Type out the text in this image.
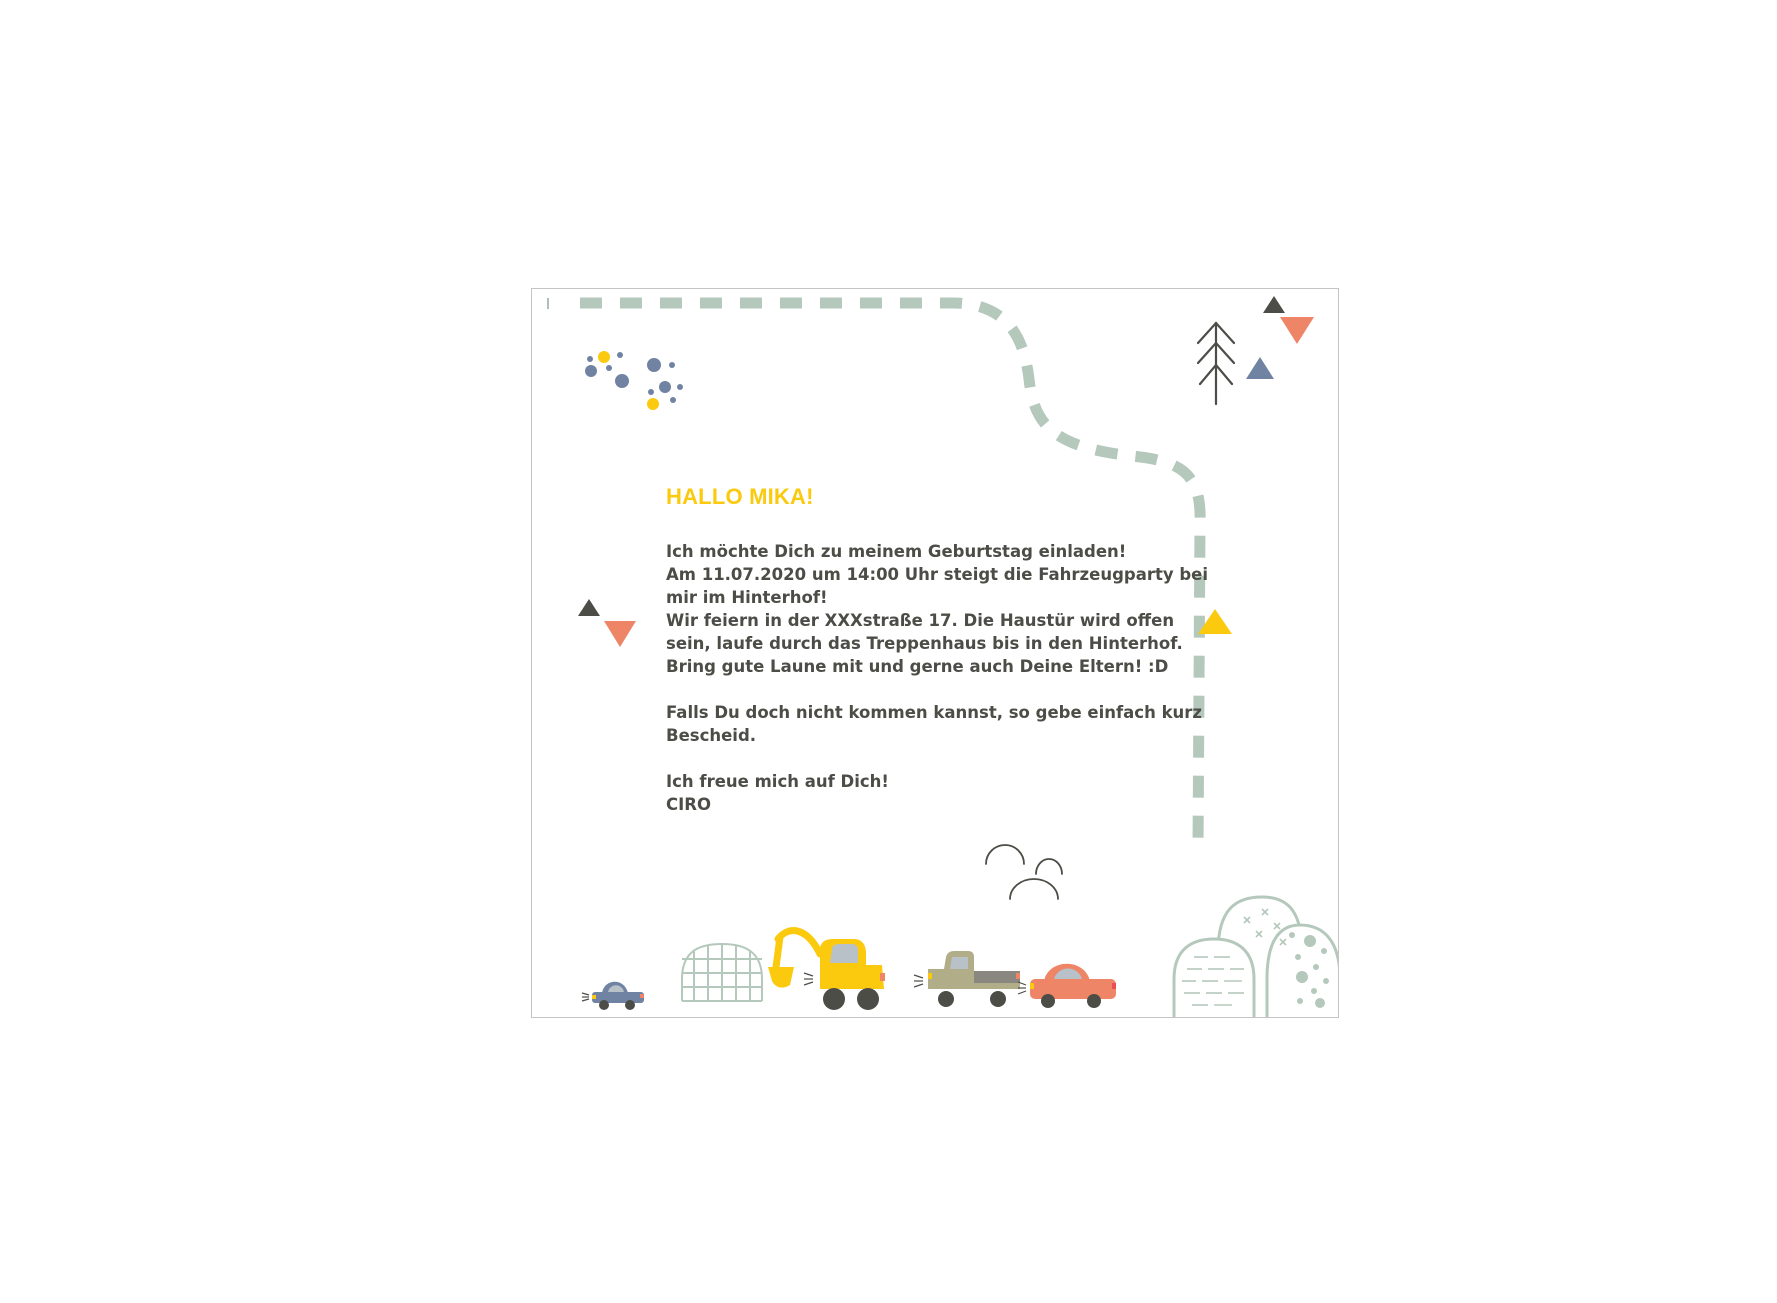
HALLO MIKA!
Ich möchte Dich zu meinem Geburtstag einladen!
Am 11.07.2020 um 14:00 Uhr steigt die Fahrzeugparty bei
mir im Hinterhof!
Wir feiern in der XXXstraße 17. Die Haustür wird offen
sein, laufe durch das Treppenhaus bis in den Hinterhof.
Bring gute Laune mit und gerne auch Deine Eltern! :D
Falls Du doch nicht kommen kannst, so gebe einfach kurz
Bescheid.
Ich freue mich auf Dich!
CIRO
